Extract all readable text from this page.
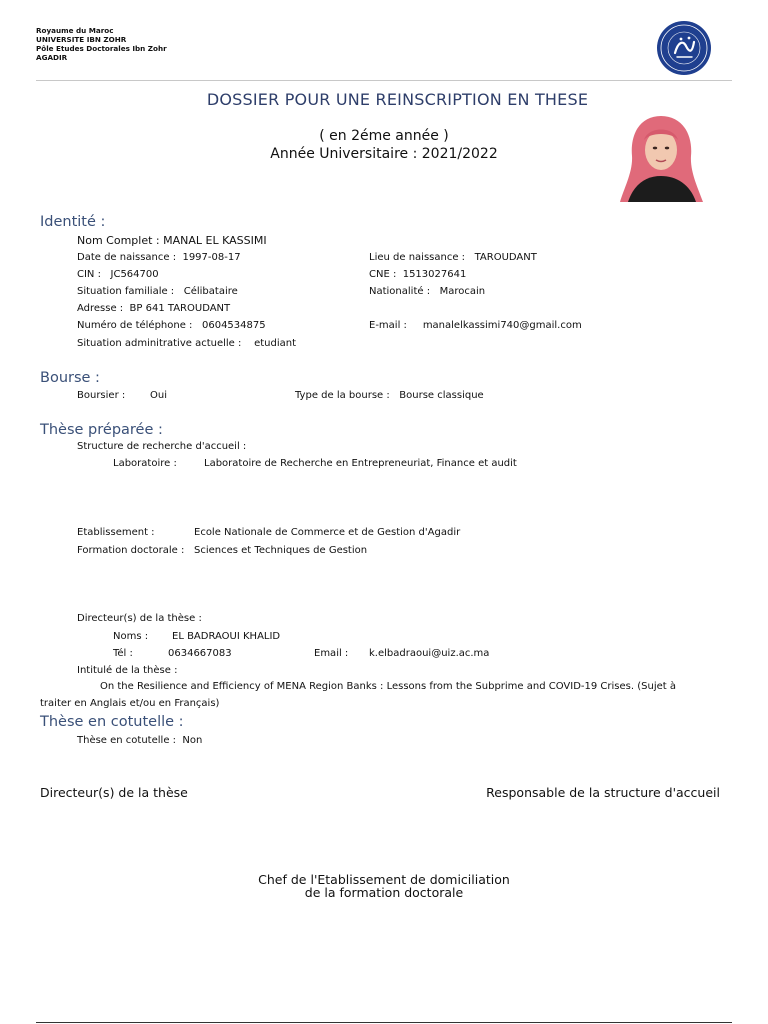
Royaume du Maroc
UNIVERSITE IBN ZOHR
Pôle Etudes Doctorales Ibn Zohr
AGADIR
DOSSIER POUR UNE REINSCRIPTION EN THESE
( en 2éme année )
Année Universitaire : 2021/2022
Identité :
Nom Complet : MANAL EL KASSIMI
Date de naissance : 1997-08-17	Lieu de naissance : TAROUDANT
CIN : JC564700	CNE : 1513027641
Situation familiale : Célibataire	Nationalité : Marocain
Adresse : BP 641 TAROUDANT
Numéro de téléphone : 0604534875	E-mail : manalelkassimi740@gmail.com
Situation adminitrative actuelle : etudiant
Bourse :
Boursier : Oui	Type de la bourse : Bourse classique
Thèse préparée :
Structure de recherche d'accueil :
Laboratoire :	Laboratoire de Recherche en Entrepreneuriat, Finance et audit
Etablissement :	Ecole Nationale de Commerce et de Gestion d'Agadir
Formation doctorale : Sciences et Techniques de Gestion
Directeur(s) de la thèse :
Noms : EL BADRAOUI KHALID
Tél :	0634667083	Email : k.elbadraoui@uiz.ac.ma
Intitulé de la thèse :
On the Resilience and Efficiency of MENA Region Banks : Lessons from the Subprime and COVID-19 Crises. (Sujet à
traiter en Anglais et/ou en Français)
Thèse en cotutelle :
Thèse en cotutelle : Non
Directeur(s) de la thèse	Responsable de la structure d'accueil
Chef de l'Etablissement de domiciliation
de la formation doctorale
